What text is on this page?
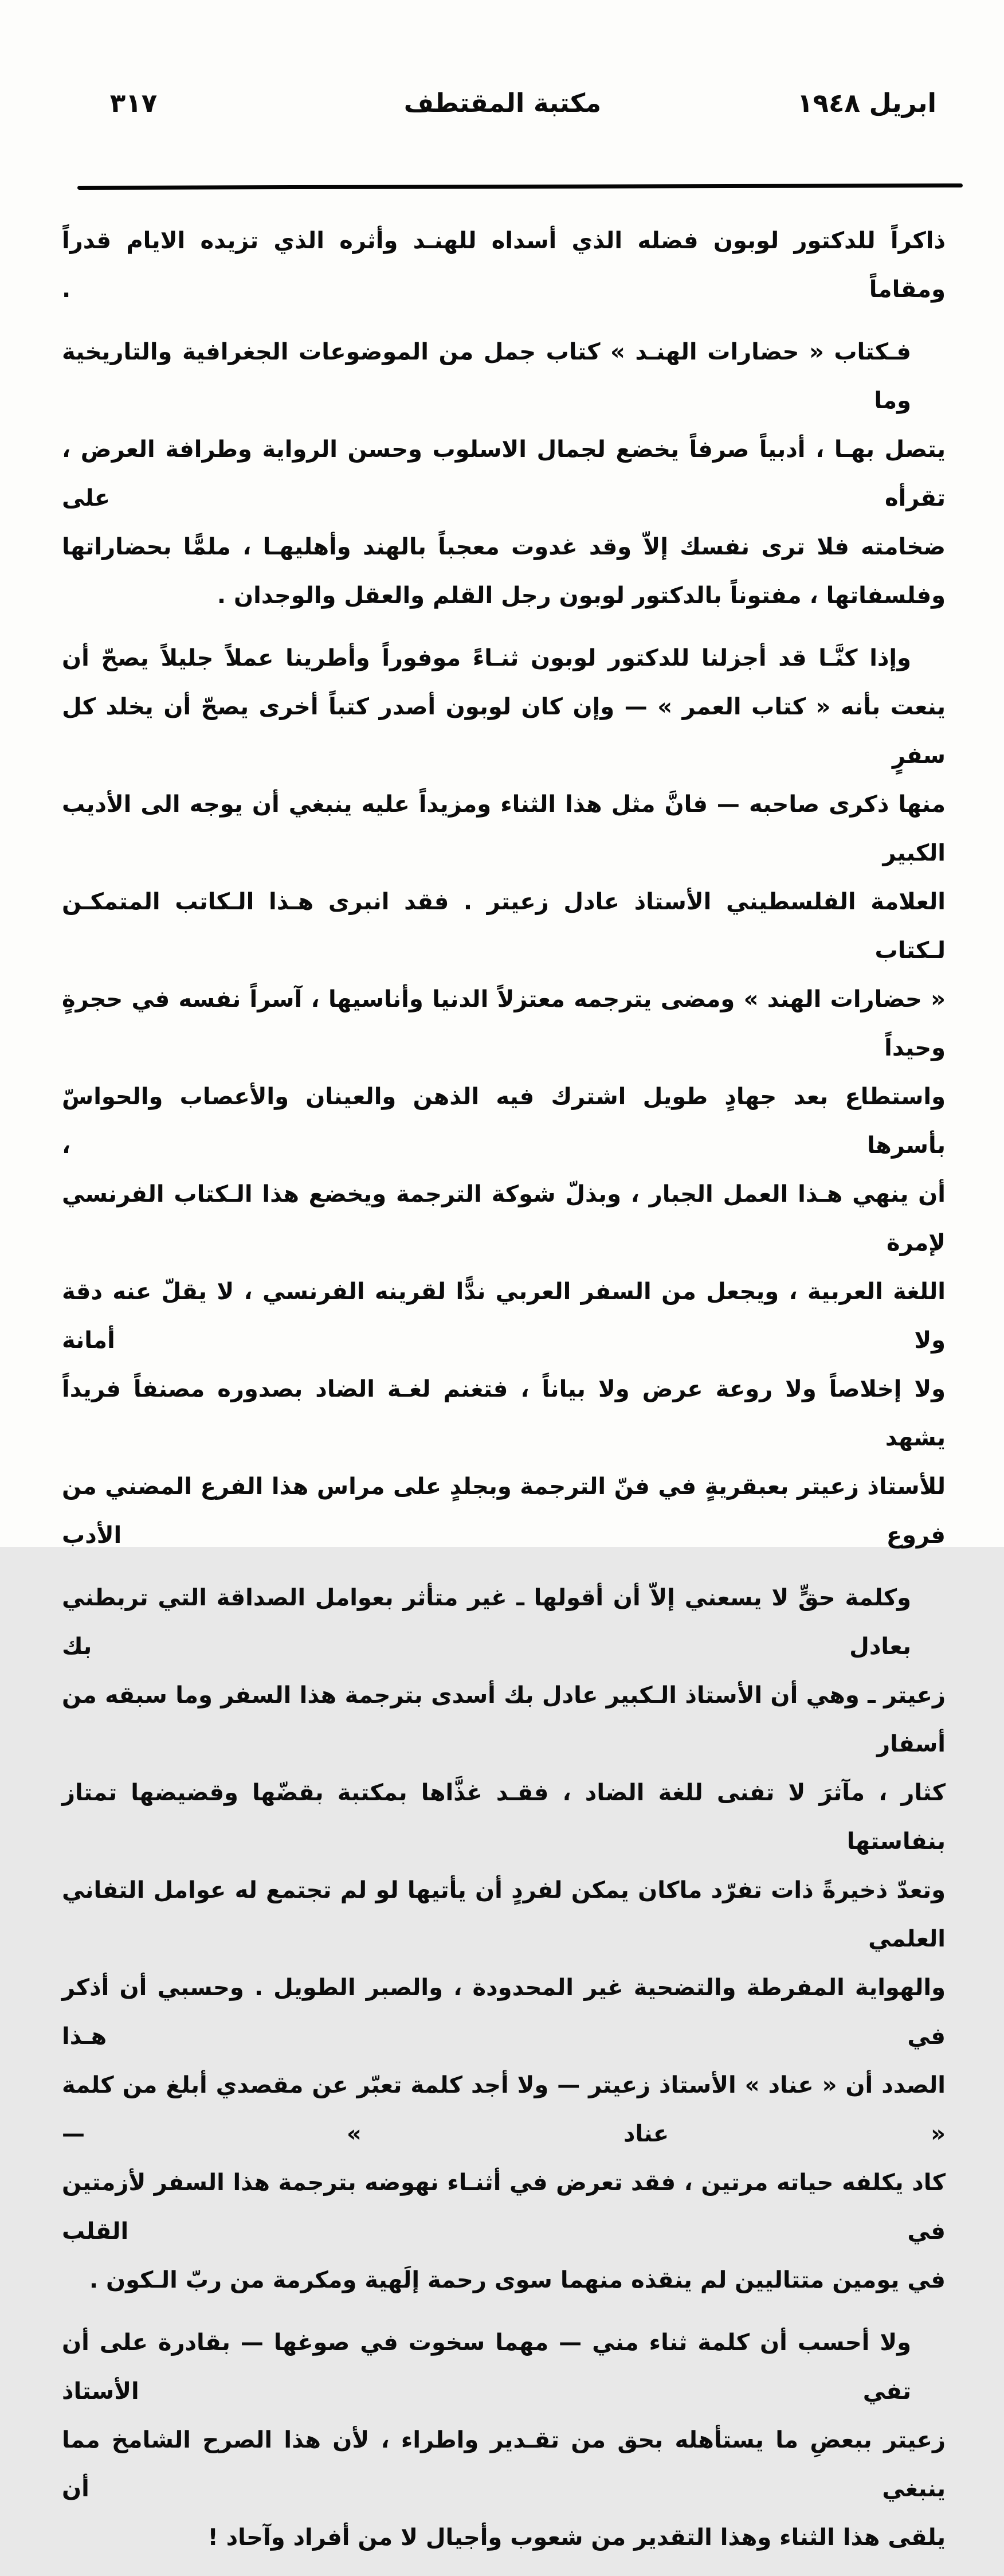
ابريل ١٩٤٨
مكتبة المقتطف
٣١٧
ذاكراً للدكتور لوبون فضله الذي أسداه للهنـد وأثره الذي تزيده الايام قدراً ومقاماً .
فـكتاب « حضارات الهنـد » كتاب جمل من الموضوعات الجغرافية والتاريخية وما
يتصل بهـا ، أدبياً صرفاً يخضع لجمال الاسلوب وحسن الرواية وطرافة العرض ، تقرأه على
ضخامته فلا ترى نفسك إلاّ وقد غدوت معجباً بالهند وأهليهـا ، ملمًّا بحضاراتها
وفلسفاتها ، مفتوناً بالدكتور لوبون رجل القلم والعقل والوجدان .
وإذا كنَّـا قد أجزلنا للدكتور لوبون ثنـاءً موفوراً وأطرينا عملاً جليلاً يصحّ أن
ينعت بأنه « كتاب العمر » — وإن كان لوبون أصدر كتباً أخرى يصحّ أن يخلد كل سفرٍ
منها ذكرى صاحبه — فانَّ مثل هذا الثناء ومزيداً عليه ينبغي أن يوجه الى الأديب الكبير
العلامة الفلسطيني الأستاذ عادل زعيتر . فقد انبرى هـذا الـكاتب المتمكـن لـكتاب
« حضارات الهند » ومضى يترجمه معتزلاً الدنيا وأناسيها ، آسراً نفسه في حجرةٍ وحيداً
واستطاع بعد جهادٍ طويل اشترك فيه الذهن والعينان والأعصاب والحواسّ بأسرها ،
أن ينهي هـذا العمل الجبار ، وبذلّ شوكة الترجمة ويخضع هذا الـكتاب الفرنسي لإمرة
اللغة العربية ، ويجعل من السفر العربي ندًّا لقرينه الفرنسي ، لا يقلّ عنه دقة ولا أمانة
ولا إخلاصاً ولا روعة عرض ولا بياناً ، فتغنم لغـة الضاد بصدوره مصنفاً فريداً يشهد
للأستاذ زعيتر بعبقريةٍ في فنّ الترجمة وبجلدٍ على مراس هذا الفرع المضني من فروع الأدب
وكلمة حقٍّ لا يسعني إلاّ أن أقولها ـ غير متأثر بعوامل الصداقة التي تربطني بعادل بك
زعيتر ـ وهي أن الأستاذ الـكبير عادل بك أسدى بترجمة هذا السفر وما سبقه من أسفار
كثار ، مآثرَ لا تفنى للغة الضاد ، فقـد غذَّاها بمكتبة بقضّها وقضيضها تمتاز بنفاستها
وتعدّ ذخيرةً ذات تفرّد ماكان يمكن لفردٍ أن يأتيها لو لم تجتمع له عوامل التفاني العلمي
والهواية المفرطة والتضحية غير المحدودة ، والصبر الطويل . وحسبي أن أذكر في هـذا
الصدد أن « عناد » الأستاذ زعيتر — ولا أجد كلمة تعبّر عن مقصدي أبلغ من كلمة « عناد » —
كاد يكلفه حياته مرتين ، فقد تعرض في أثنـاء نهوضه بترجمة هذا السفر لأزمتين في القلب
في يومين متتاليين لم ينقذه منهما سوى رحمة إلَهية ومكرمة من ربّ الـكون .
ولا أحسب أن كلمة ثناء مني — مهما سخوت في صوغها — بقادرة على أن تفي الأستاذ
زعيتر ببعضِ ما يستأهله بحق من تقـدير واطراء ، لأن هذا الصرح الشامخ مما ينبغي أن
يلقى هذا الثناء وهذا التقدير من شعوب وأجيال لا من أفراد وآحاد !
